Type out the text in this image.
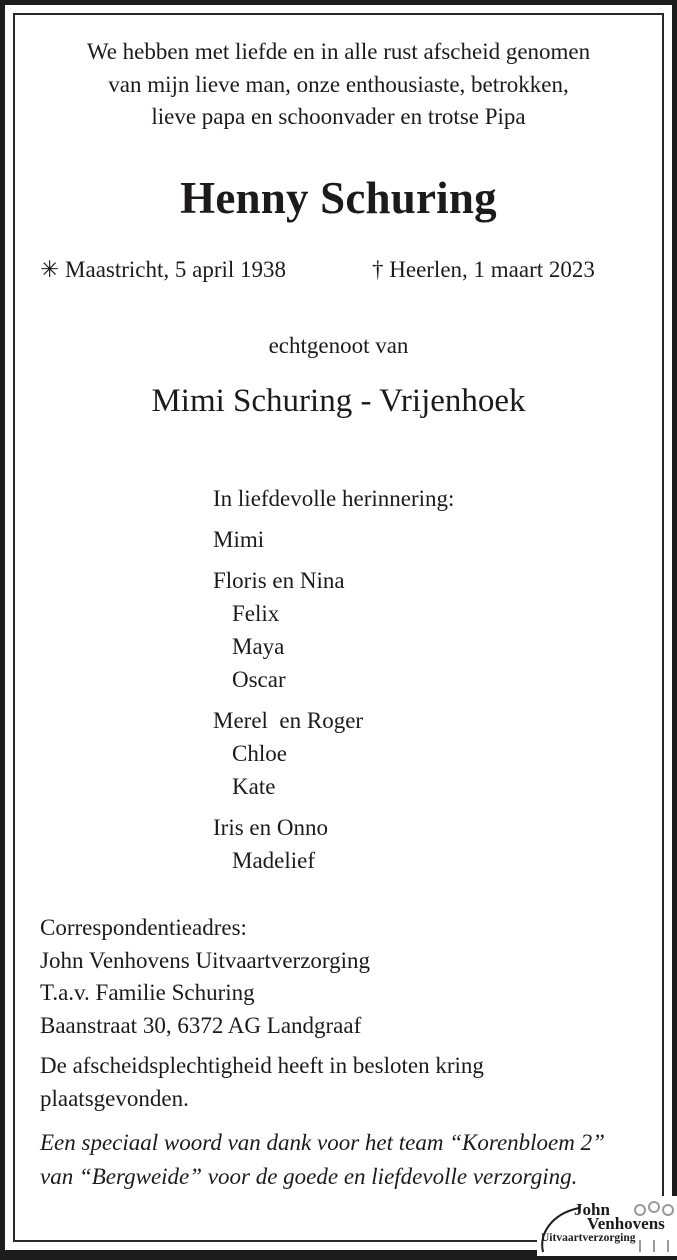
We hebben met liefde en in alle rust afscheid genomen
van mijn lieve man, onze enthousiaste, betrokken,
lieve papa en schoonvader en trotse Pipa
Henny Schuring
✳ Maastricht, 5 april 1938	† Heerlen, 1 maart 2023
echtgenoot van
Mimi Schuring - Vrijenhoek
In liefdevolle herinnering:
Mimi
Floris en Nina
Felix
Maya
Oscar
Merel  en Roger
Chloe
Kate
Iris en Onno
Madelief
Correspondentieadres:
John Venhovens Uitvaartverzorging
T.a.v. Familie Schuring
Baanstraat 30, 6372 AG Landgraaf
De afscheidsplechtigheid heeft in besloten kring plaatsgevonden.
Een speciaal woord van dank voor het team “Korenbloem 2”
van “Bergweide” voor de goede en liefdevolle verzorging.
John
Venhovens
Uitvaartverzorging
